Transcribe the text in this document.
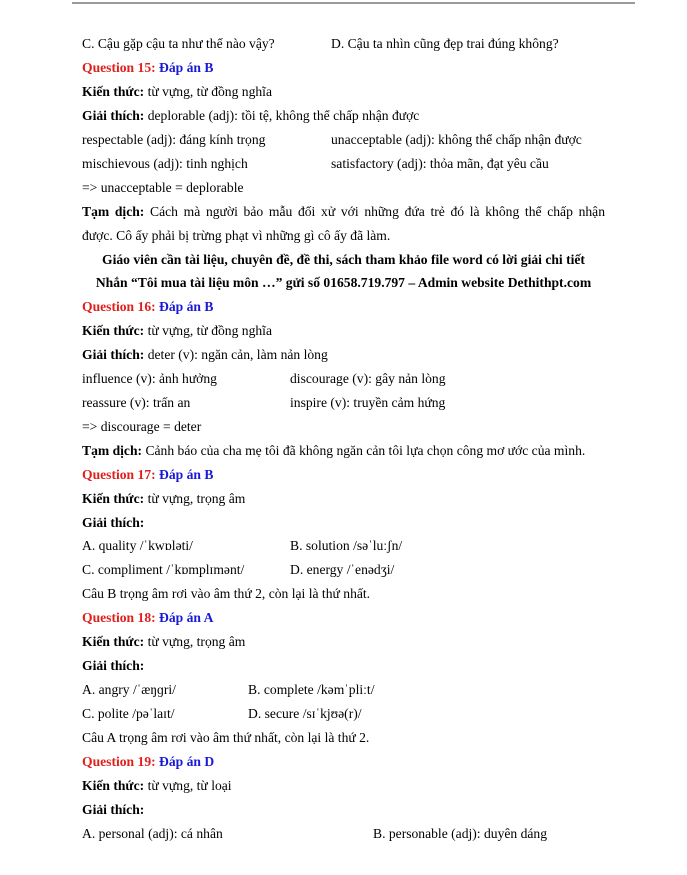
C. Cậu gặp cậu ta như thế nào vậy?	D. Cậu ta nhìn cũng đẹp trai đúng không?
Question 15: Đáp án B
Kiến thức: từ vựng, từ đồng nghĩa
Giải thích: deplorable (adj): tồi tệ, không thể chấp nhận được
respectable (adj): đáng kính trọng	unacceptable (adj): không thể chấp nhận được
mischievous (adj): tinh nghịch	satisfactory (adj): thỏa mãn, đạt yêu cầu
=> unacceptable = deplorable
Tạm dịch: Cách mà người bảo mẫu đối xử với những đứa trẻ đó là không thể chấp nhận
được. Cô ấy phải bị trừng phạt vì những gì cô ấy đã làm.
Giáo viên cần tài liệu, chuyên đề, đề thi, sách tham khảo file word có lời giải chi tiết
Nhắn “Tôi mua tài liệu môn …” gửi số 01658.719.797 – Admin website Dethithpt.com
Question 16: Đáp án B
Kiến thức: từ vựng, từ đồng nghĩa
Giải thích: deter (v): ngăn cản, làm nản lòng
influence (v): ảnh hưởng	discourage (v): gây nản lòng
reassure (v): trấn an	inspire (v): truyền cảm hứng
=> discourage = deter
Tạm dịch: Cảnh báo của cha mẹ tôi đã không ngăn cản tôi lựa chọn công mơ ước của mình.
Question 17: Đáp án B
Kiến thức: từ vựng, trọng âm
Giải thích:
A. quality /ˈkwɒləti/	B. solution /səˈluːʃn/
C. compliment /ˈkɒmplɪmənt/	D. energy /ˈenədʒi/
Câu B trọng âm rơi vào âm thứ 2, còn lại là thứ nhất.
Question 18: Đáp án A
Kiến thức: từ vựng, trọng âm
Giải thích:
A. angry /ˈæŋɡri/	B. complete /kəmˈpliːt/
C. polite /pəˈlaɪt/	D. secure /sɪˈkjʊə(r)/
Câu A trọng âm rơi vào âm thứ nhất, còn lại là thứ 2.
Question 19: Đáp án D
Kiến thức: từ vựng, từ loại
Giải thích:
A. personal (adj): cá nhân	B. personable (adj): duyên dáng
